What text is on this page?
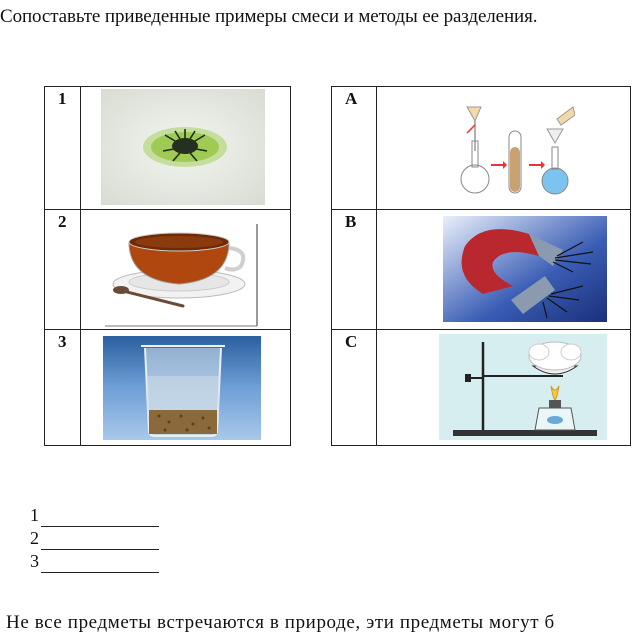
Сопоставьте приведенные примеры смеси и методы ее разделения.
1	

2	

3	
A	

B	

C	
1
2
3
Не все предметы встречаются в природе, эти предметы могут б
